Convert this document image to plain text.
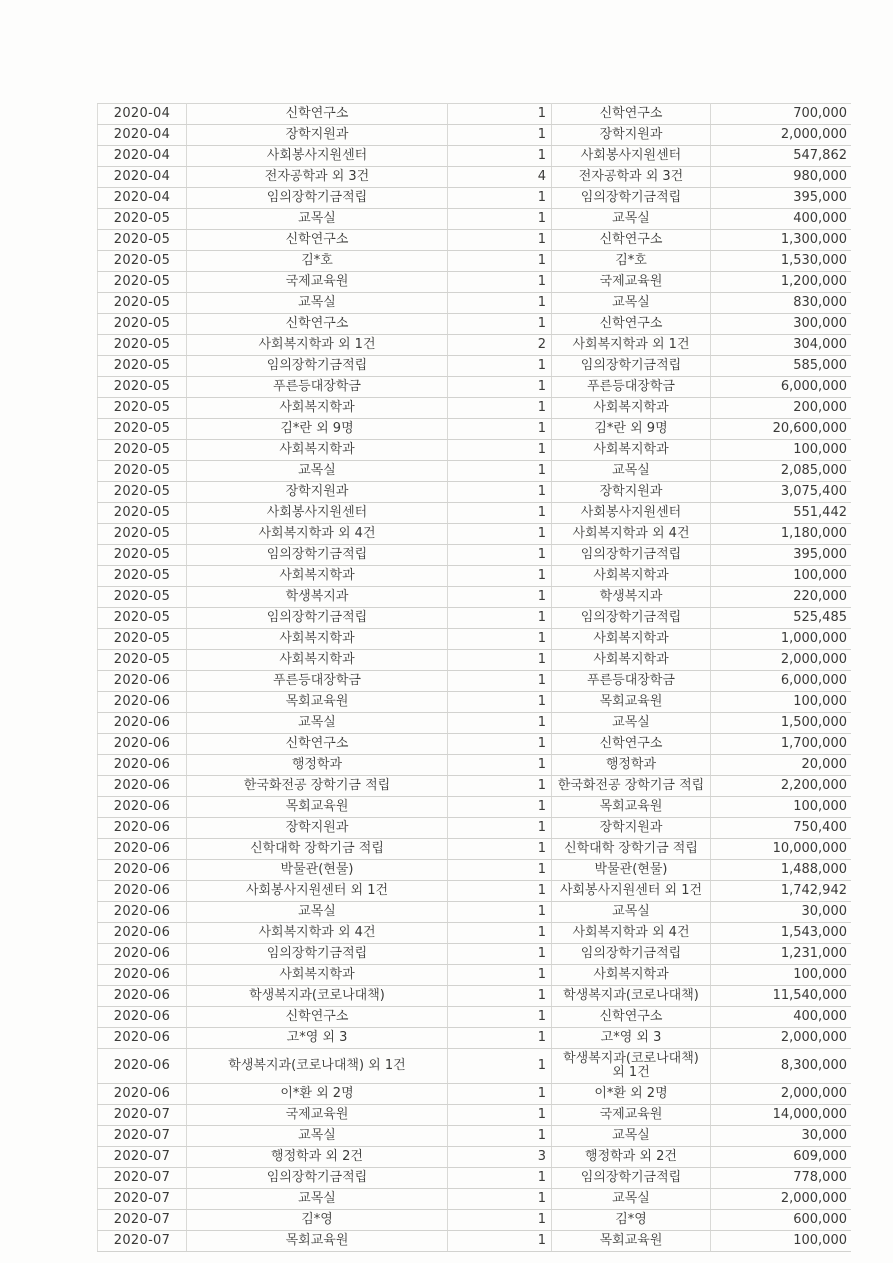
2020-04	신학연구소	1	신학연구소	700,000
2020-04	장학지원과	1	장학지원과	2,000,000
2020-04	사회봉사지원센터	1	사회봉사지원센터	547,862
2020-04	전자공학과 외 3건	4	전자공학과 외 3건	980,000
2020-04	임의장학기금적립	1	임의장학기금적립	395,000
2020-05	교목실	1	교목실	400,000
2020-05	신학연구소	1	신학연구소	1,300,000
2020-05	김*호	1	김*호	1,530,000
2020-05	국제교육원	1	국제교육원	1,200,000
2020-05	교목실	1	교목실	830,000
2020-05	신학연구소	1	신학연구소	300,000
2020-05	사회복지학과 외 1건	2	사회복지학과 외 1건	304,000
2020-05	임의장학기금적립	1	임의장학기금적립	585,000
2020-05	푸른등대장학금	1	푸른등대장학금	6,000,000
2020-05	사회복지학과	1	사회복지학과	200,000
2020-05	김*란 외 9명	1	김*란 외 9명	20,600,000
2020-05	사회복지학과	1	사회복지학과	100,000
2020-05	교목실	1	교목실	2,085,000
2020-05	장학지원과	1	장학지원과	3,075,400
2020-05	사회봉사지원센터	1	사회봉사지원센터	551,442
2020-05	사회복지학과 외 4건	1	사회복지학과 외 4건	1,180,000
2020-05	임의장학기금적립	1	임의장학기금적립	395,000
2020-05	사회복지학과	1	사회복지학과	100,000
2020-05	학생복지과	1	학생복지과	220,000
2020-05	임의장학기금적립	1	임의장학기금적립	525,485
2020-05	사회복지학과	1	사회복지학과	1,000,000
2020-05	사회복지학과	1	사회복지학과	2,000,000
2020-06	푸른등대장학금	1	푸른등대장학금	6,000,000
2020-06	목회교육원	1	목회교육원	100,000
2020-06	교목실	1	교목실	1,500,000
2020-06	신학연구소	1	신학연구소	1,700,000
2020-06	행정학과	1	행정학과	20,000
2020-06	한국화전공 장학기금 적립	1	한국화전공 장학기금 적립	2,200,000
2020-06	목회교육원	1	목회교육원	100,000
2020-06	장학지원과	1	장학지원과	750,400
2020-06	신학대학 장학기금 적립	1	신학대학 장학기금 적립	10,000,000
2020-06	박물관(현물)	1	박물관(현물)	1,488,000
2020-06	사회봉사지원센터 외 1건	1	사회봉사지원센터 외 1건	1,742,942
2020-06	교목실	1	교목실	30,000
2020-06	사회복지학과 외 4건	1	사회복지학과 외 4건	1,543,000
2020-06	임의장학기금적립	1	임의장학기금적립	1,231,000
2020-06	사회복지학과	1	사회복지학과	100,000
2020-06	학생복지과(코로나대책)	1	학생복지과(코로나대책)	11,540,000
2020-06	신학연구소	1	신학연구소	400,000
2020-06	고*영 외 3	1	고*영 외 3	2,000,000
2020-06	학생복지과(코로나대책) 외 1건	1	학생복지과(코로나대책) 외 1건	8,300,000
2020-06	이*환 외 2명	1	이*환 외 2명	2,000,000
2020-07	국제교육원	1	국제교육원	14,000,000
2020-07	교목실	1	교목실	30,000
2020-07	행정학과 외 2건	3	행정학과 외 2건	609,000
2020-07	임의장학기금적립	1	임의장학기금적립	778,000
2020-07	교목실	1	교목실	2,000,000
2020-07	김*영	1	김*영	600,000
2020-07	목회교육원	1	목회교육원	100,000
